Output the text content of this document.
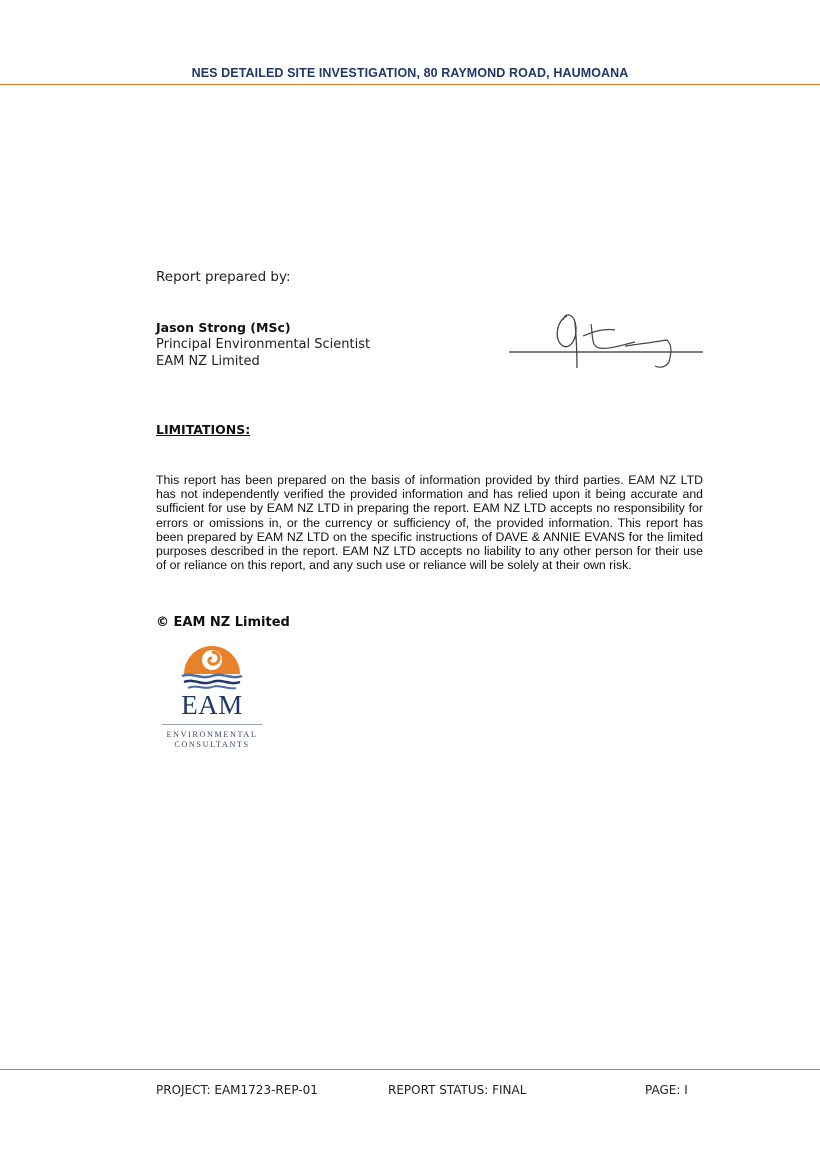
NES DETAILED SITE INVESTIGATION, 80 RAYMOND ROAD, HAUMOANA
Report prepared by:
Jason Strong (MSc)
Principal Environmental Scientist
EAM NZ Limited
LIMITATIONS:
This report has been prepared on the basis of information provided by third parties. EAM NZ LTD has not independently verified the provided information and has relied upon it being accurate and sufficient for use by EAM NZ LTD in preparing the report. EAM NZ LTD accepts no responsibility for errors or omissions in, or the currency or sufficiency of, the provided information. This report has been prepared by EAM NZ LTD on the specific instructions of DAVE & ANNIE EVANS for the limited purposes described in the report. EAM NZ LTD accepts no liability to any other person for their use of or reliance on this report, and any such use or reliance will be solely at their own risk.
© EAM NZ Limited
EAM
ENVIRONMENTAL
CONSULTANTS
PROJECT: EAM1723-REP-01	REPORT STATUS: FINAL	PAGE: I
